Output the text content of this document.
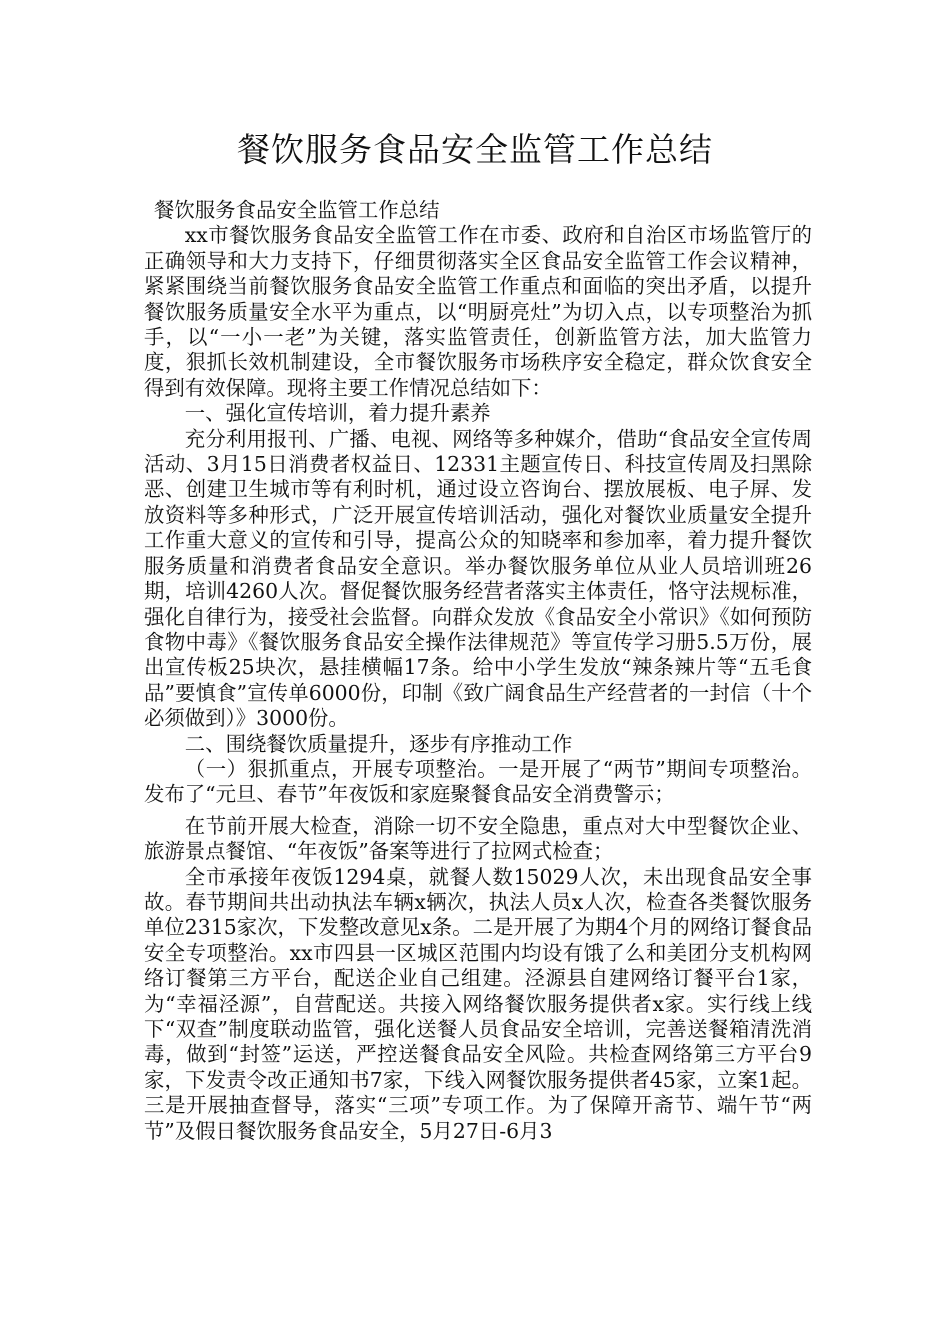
餐饮服务食品安全监管工作总结

餐饮服务食品安全监管工作总结

xx市餐饮服务食品安全监管工作在市委、政府和自治区市场监管厅的正确领导和大力支持下，仔细贯彻落实全区食品安全监管工作会议精神，紧紧围绕当前餐饮服务食品安全监管工作重点和面临的突出矛盾，以提升餐饮服务质量安全水平为重点，以“明厨亮灶”为切入点，以专项整治为抓手，以“一小一老”为关键，落实监管责任，创新监管方法，加大监管力度，狠抓长效机制建设，全市餐饮服务市场秩序安全稳定，群众饮食安全得到有效保障。现将主要工作情况总结如下：

一、强化宣传培训，着力提升素养

充分利用报刊、广播、电视、网络等多种媒介，借助“食品安全宣传周活动、3月15日消费者权益日、12331主题宣传日、科技宣传周及扫黑除恶、创建卫生城市等有利时机，通过设立咨询台、摆放展板、电子屏、发放资料等多种形式，广泛开展宣传培训活动，强化对餐饮业质量安全提升工作重大意义的宣传和引导，提高公众的知晓率和参加率，着力提升餐饮服务质量和消费者食品安全意识。举办餐饮服务单位从业人员培训班26期，培训4260人次。督促餐饮服务经营者落实主体责任，恪守法规标准，强化自律行为，接受社会监督。向群众发放《食品安全小常识》《如何预防食物中毒》《餐饮服务食品安全操作法律规范》等宣传学习册5.5万份，展出宣传板25块次，悬挂横幅17条。给中小学生发放“辣条辣片等“五毛食品”要慎食”宣传单6000份，印制《致广阔食品生产经营者的一封信（十个必须做到）》3000份。

二、围绕餐饮质量提升，逐步有序推动工作

（一）狠抓重点，开展专项整治。一是开展了“两节”期间专项整治。发布了“元旦、春节”年夜饭和家庭聚餐食品安全消费警示；

在节前开展大检查，消除一切不安全隐患，重点对大中型餐饮企业、旅游景点餐馆、“年夜饭”备案等进行了拉网式检查；

全市承接年夜饭1294桌，就餐人数15029人次，未出现食品安全事故。春节期间共出动执法车辆x辆次，执法人员x人次，检查各类餐饮服务单位2315家次，下发整改意见x条。二是开展了为期4个月的网络订餐食品安全专项整治。xx市四县一区城区范围内均设有饿了么和美团分支机构网络订餐第三方平台，配送企业自己组建。泾源县自建网络订餐平台1家，为“幸福泾源”，自营配送。共接入网络餐饮服务提供者x家。实行线上线下“双查”制度联动监管，强化送餐人员食品安全培训，完善送餐箱清洗消毒，做到“封签”运送，严控送餐食品安全风险。共检查网络第三方平台9家，下发责令改正通知书7家，下线入网餐饮服务提供者45家，立案1起。三是开展抽查督导，落实“三项”专项工作。为了保障开斋节、端午节“两节”及假日餐饮服务食品安全，5月27日-6月3
